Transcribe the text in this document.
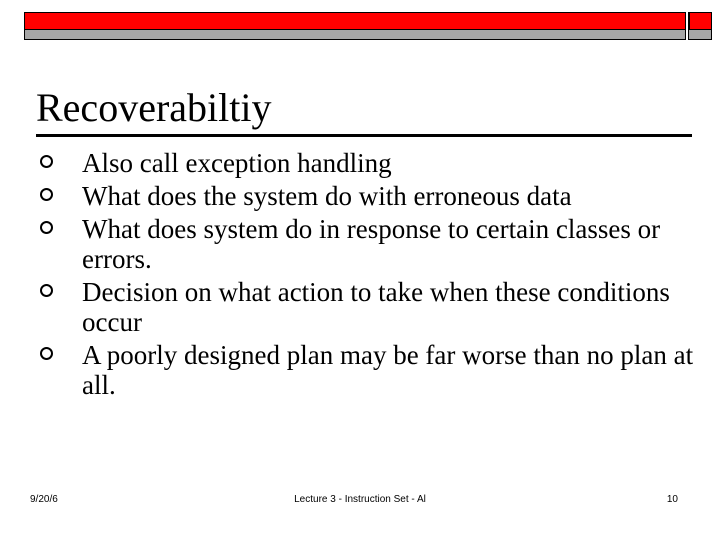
Recoverabiltiy
Also call exception handling
What does the system do with erroneous data
What does system do in response to certain classes or errors.
Decision on what action to take when these conditions occur
A poorly designed plan may be far worse than no plan at all.
9/20/6	Lecture 3 - Instruction Set - Al	10
